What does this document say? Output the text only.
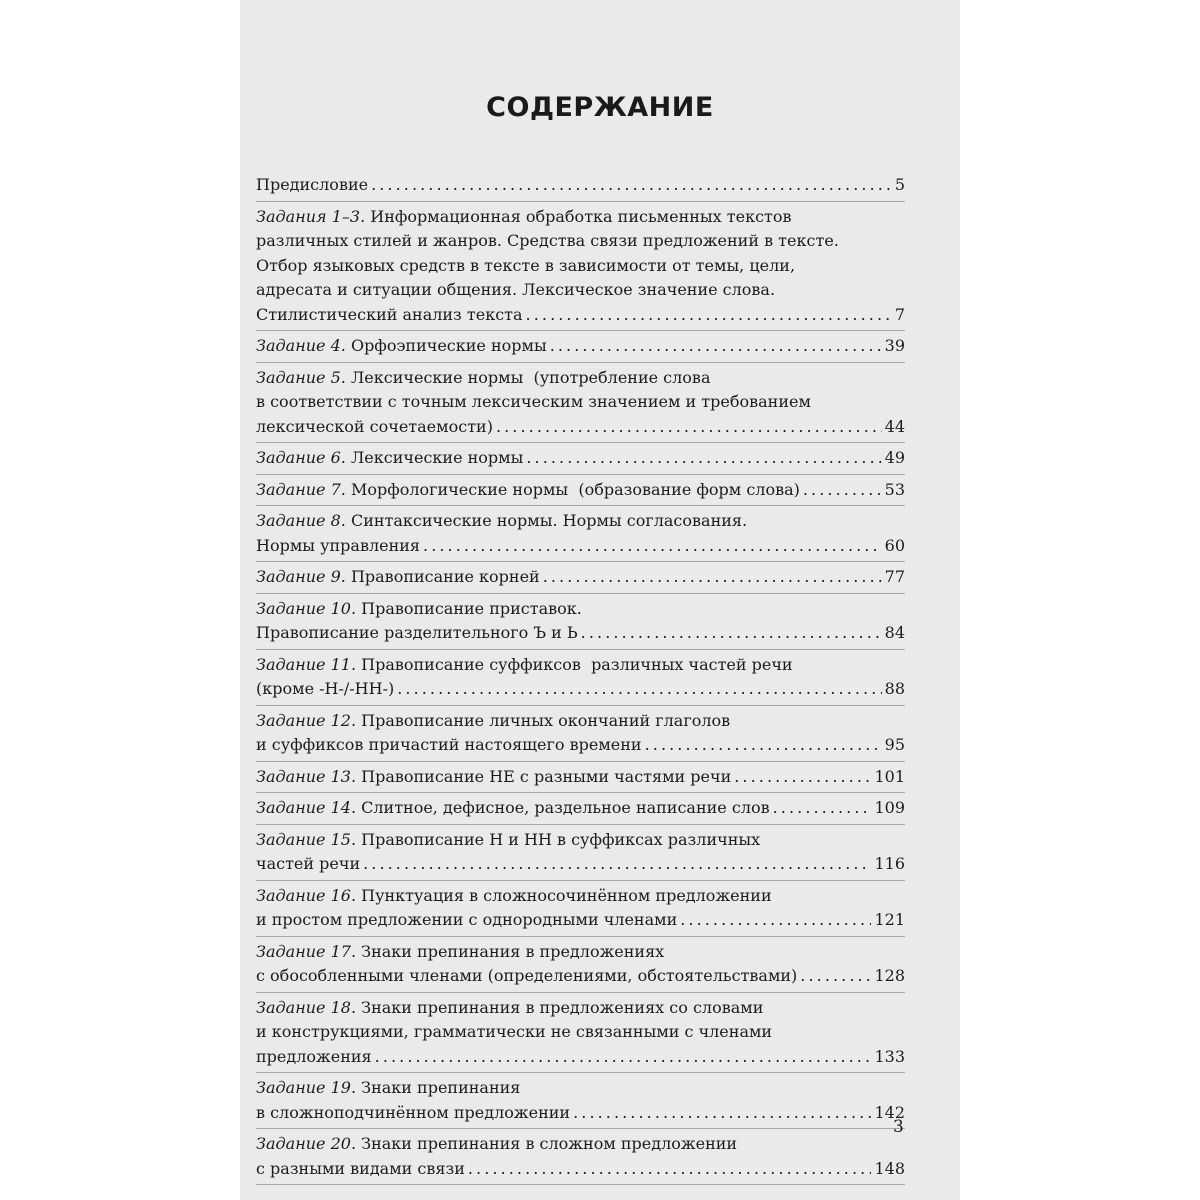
СОДЕРЖАНИЕ
Предисловие . . .	5
Задания 1–3. Информационная обработка письменных текстов
различных стилей и жанров. Средства связи предложений в тексте.
Отбор языковых средств в тексте в зависимости от темы, цели,
адресата и ситуации общения. Лексическое значение слова.
Стилистический анализ текста . . .	7
Задание 4. Орфоэпические нормы . . .	39
Задание 5. Лексические нормы  (употребление слова
в соответствии с точным лексическим значением и требованием
лексической сочетаемости) . . .	44
Задание 6. Лексические нормы . . .	49
Задание 7. Морфологические нормы  (образование форм слова) . . .	53
Задание 8. Синтаксические нормы. Нормы согласования.
Нормы управления . . .	60
Задание 9. Правописание корней . . .	77
Задание 10. Правописание приставок.
Правописание разделительного Ъ и Ь . . .	84
Задание 11. Правописание суффиксов  различных частей речи
(кроме -Н-/-НН-) . . .	88
Задание 12. Правописание личных окончаний глаголов
и суффиксов причастий настоящего времени . . .	95
Задание 13. Правописание НЕ с разными частями речи . . .	101
Задание 14. Слитное, дефисное, раздельное написание слов . . .	109
Задание 15. Правописание Н и НН в суффиксах различных
частей речи . . .	116
Задание 16. Пунктуация в сложносочинённом предложении
и простом предложении с однородными членами . . .	121
Задание 17. Знаки препинания в предложениях
с обособленными членами (определениями, обстоятельствами) . . .	128
Задание 18. Знаки препинания в предложениях со словами
и конструкциями, грамматически не связанными с членами
предложения . . .	133
Задание 19. Знаки препинания
в сложноподчинённом предложении . . .	142
Задание 20. Знаки препинания в сложном предложении
с разными видами связи . . .	148
3
